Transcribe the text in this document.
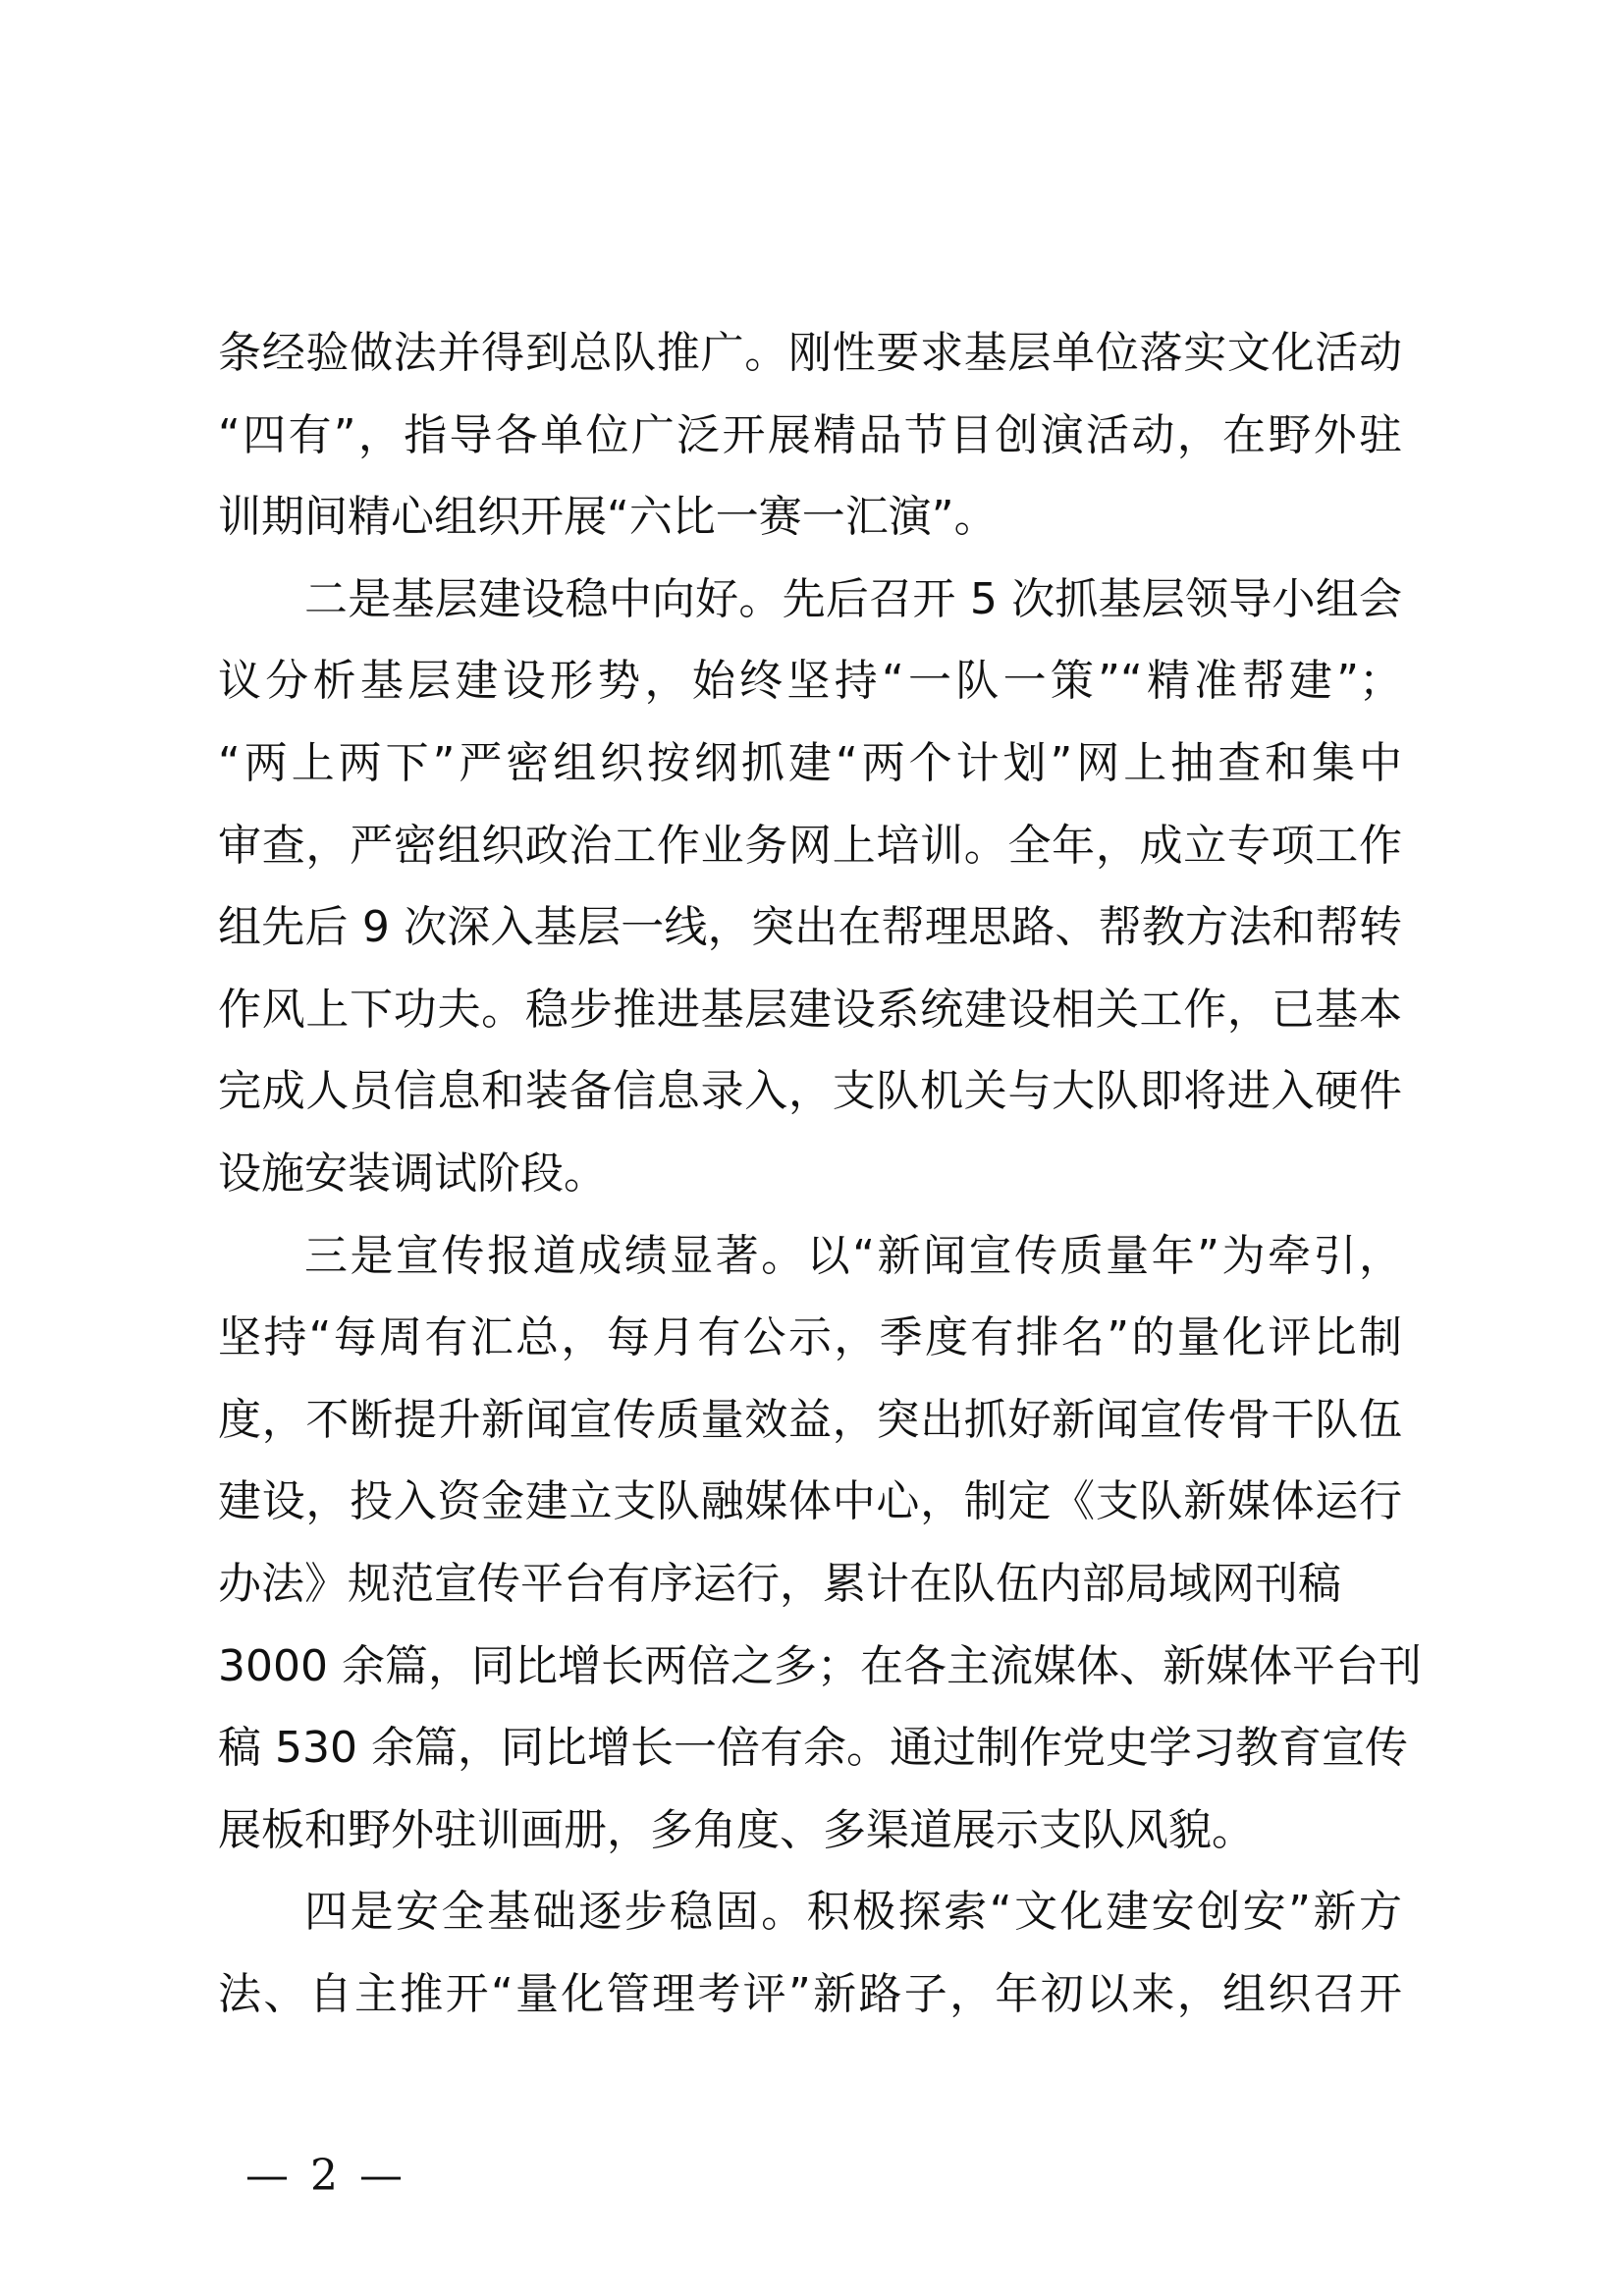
条经验做法并得到总队推广。刚性要求基层单位落实文化活动
“四有”，指导各单位广泛开展精品节目创演活动，在野外驻
训期间精心组织开展“六比一赛一汇演”。
二是基层建设稳中向好。先后召开 5 次抓基层领导小组会
议分析基层建设形势，始终坚持“一队一策”“精准帮建”；
“两上两下”严密组织按纲抓建“两个计划”网上抽查和集中
审查，严密组织政治工作业务网上培训。全年，成立专项工作
组先后 9 次深入基层一线，突出在帮理思路、帮教方法和帮转
作风上下功夫。稳步推进基层建设系统建设相关工作，已基本
完成人员信息和装备信息录入，支队机关与大队即将进入硬件
设施安装调试阶段。
三是宣传报道成绩显著。以“新闻宣传质量年”为牵引，
坚持“每周有汇总，每月有公示，季度有排名”的量化评比制
度，不断提升新闻宣传质量效益，突出抓好新闻宣传骨干队伍
建设，投入资金建立支队融媒体中心，制定《支队新媒体运行
办法》规范宣传平台有序运行，累计在队伍内部局域网刊稿
3000 余篇，同比增长两倍之多；在各主流媒体、新媒体平台刊
稿 530 余篇，同比增长一倍有余。通过制作党史学习教育宣传
展板和野外驻训画册，多角度、多渠道展示支队风貌。
四是安全基础逐步稳固。积极探索“文化建安创安”新方
法、自主推开“量化管理考评”新路子，年初以来，组织召开
— 2 —
